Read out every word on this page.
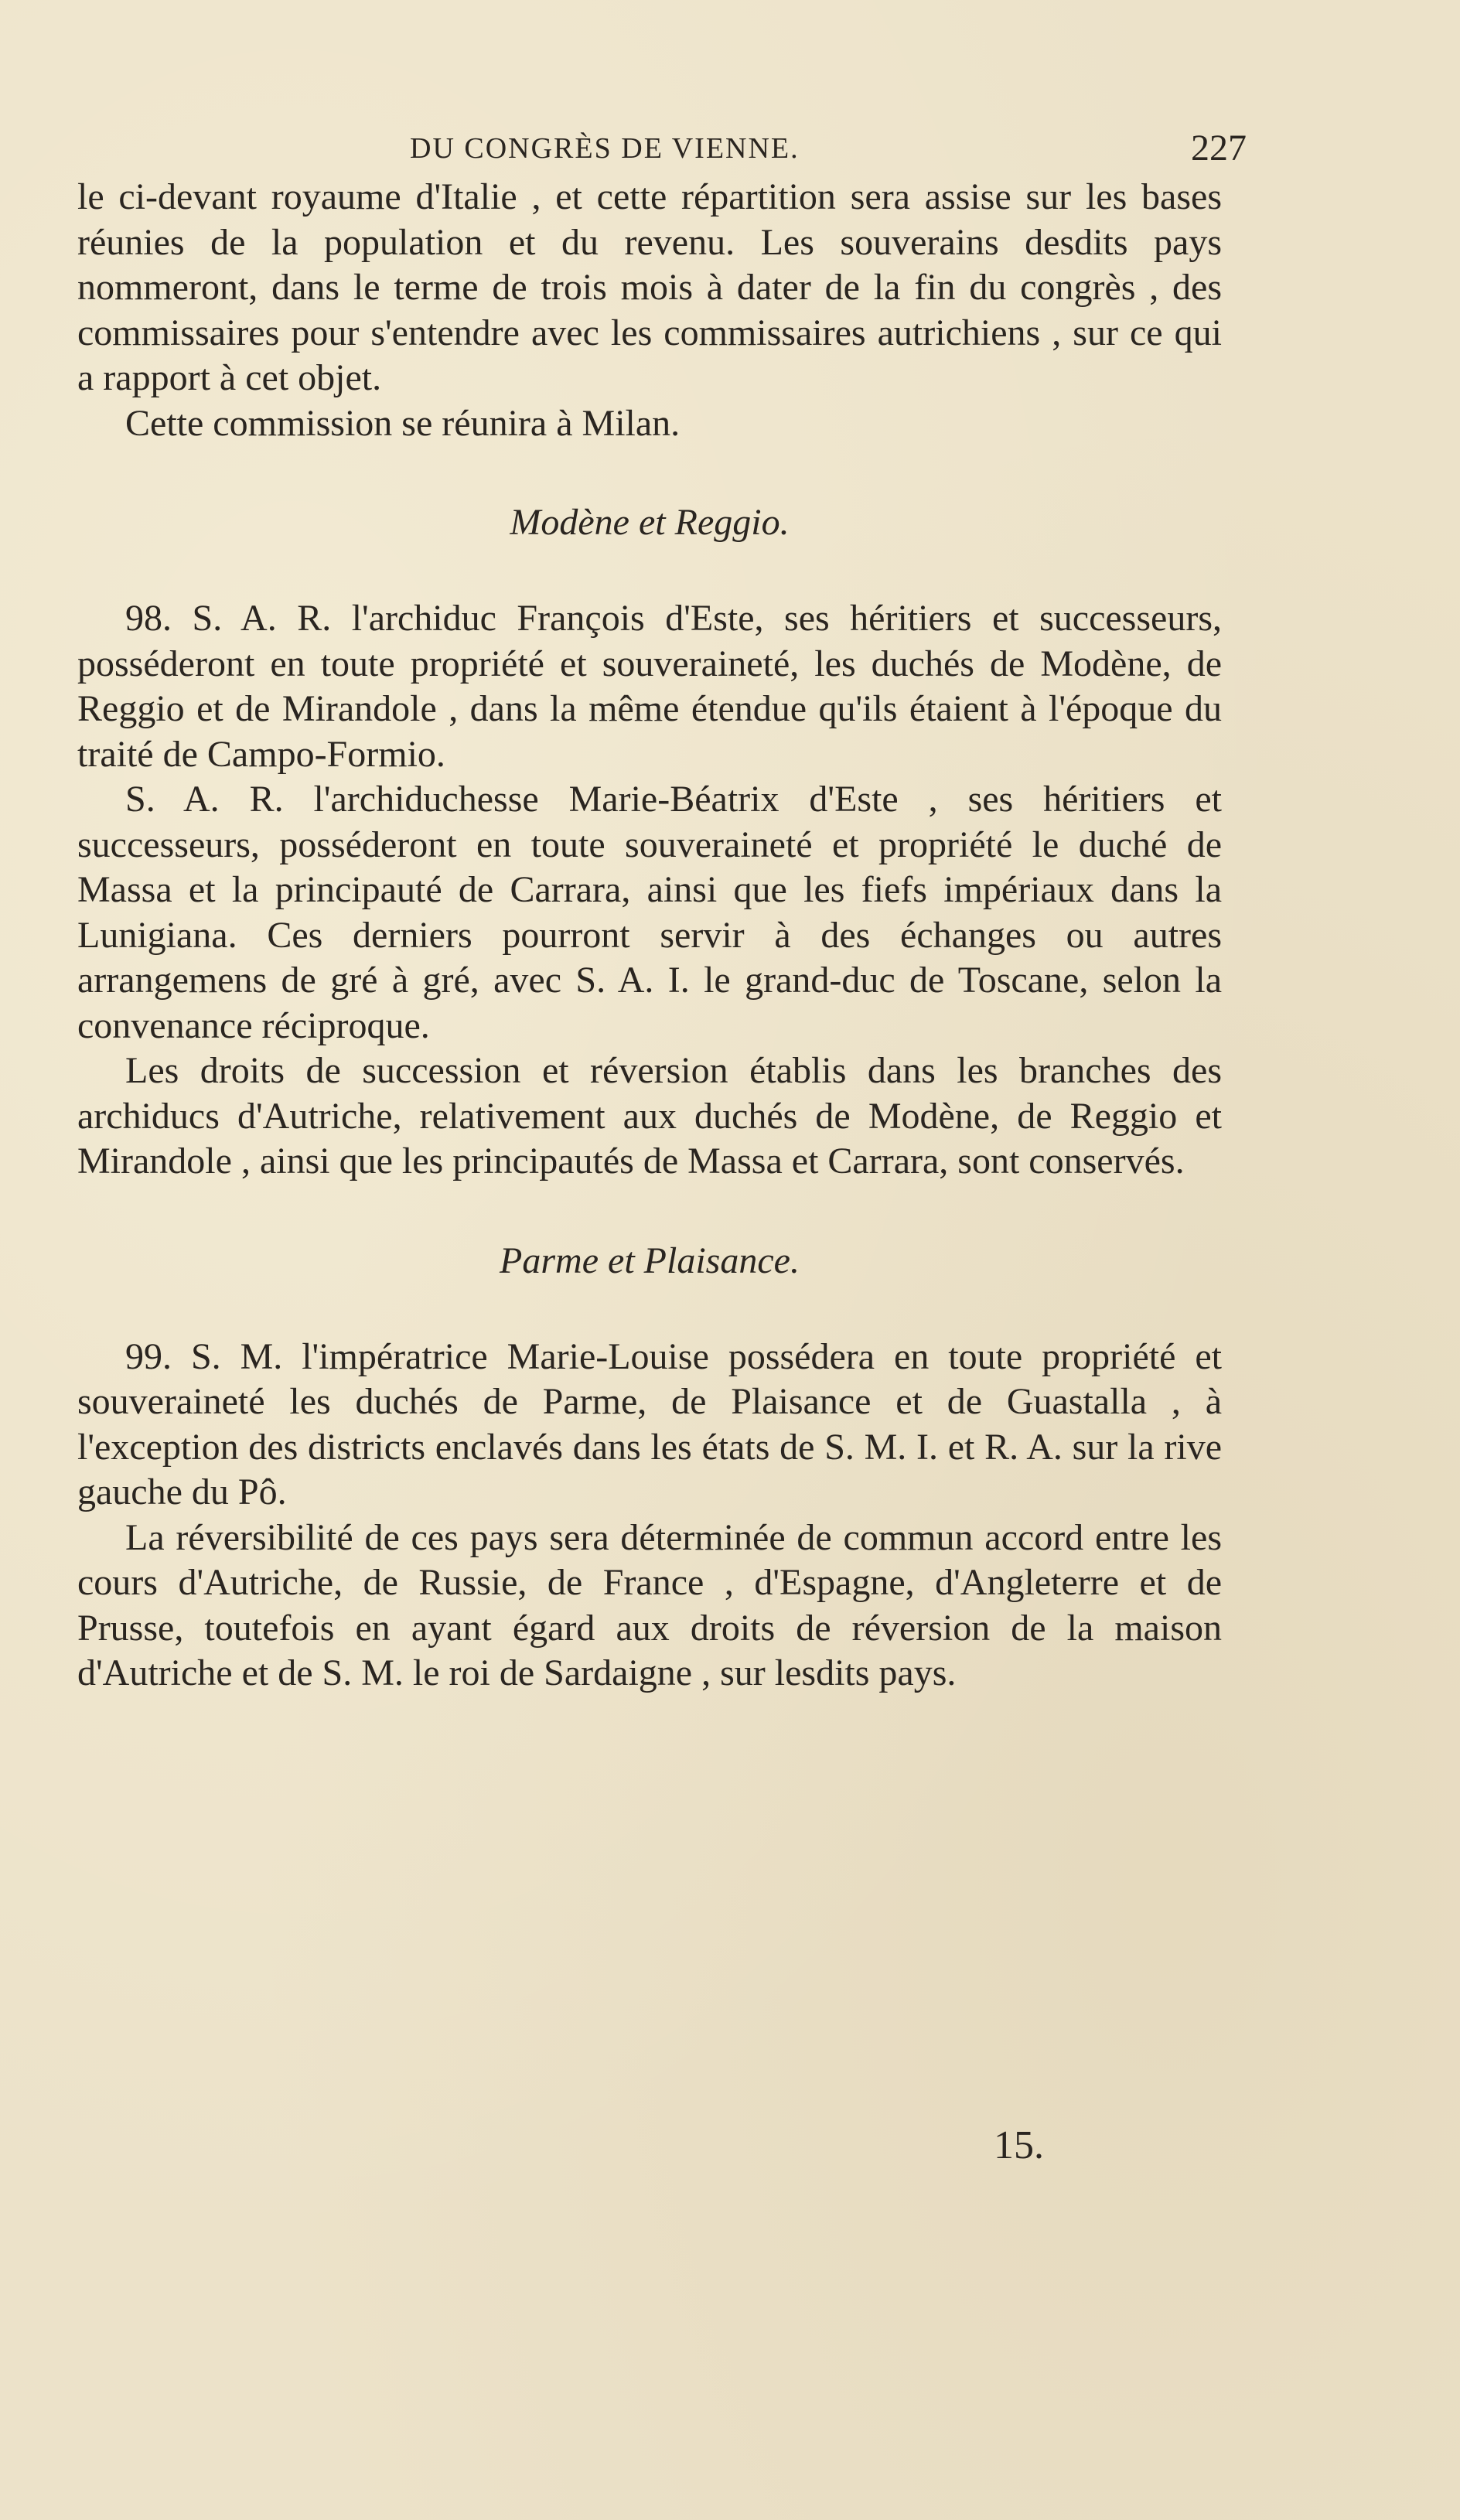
DU CONGRÈS DE VIENNE.	227

le ci-devant royaume d'Italie , et cette répartition sera assise sur les bases réunies de la population et du revenu. Les souverains desdits pays nommeront, dans le terme de trois mois à dater de la fin du congrès , des commissaires pour s'entendre avec les commissaires autrichiens , sur ce qui a rapport à cet objet.

Cette commission se réunira à Milan.

Modène et Reggio.

98. S. A. R. l'archiduc François d'Este, ses héritiers et successeurs, posséderont en toute propriété et souveraineté, les duchés de Modène, de Reggio et de Mirandole , dans la même étendue qu'ils étaient à l'époque du traité de Campo-Formio.

S. A. R. l'archiduchesse Marie-Béatrix d'Este , ses héritiers et successeurs, posséderont en toute souveraineté et propriété le duché de Massa et la principauté de Carrara, ainsi que les fiefs impériaux dans la Lunigiana. Ces derniers pourront servir à des échanges ou autres arrangemens de gré à gré, avec S. A. I. le grand-duc de Toscane, selon la convenance réciproque.

Les droits de succession et réversion établis dans les branches des archiducs d'Autriche, relativement aux duchés de Modène, de Reggio et Mirandole , ainsi que les principautés de Massa et Carrara, sont conservés.

Parme et Plaisance.

99. S. M. l'impératrice Marie-Louise possédera en toute propriété et souveraineté les duchés de Parme, de Plaisance et de Guastalla , à l'exception des districts enclavés dans les états de S. M. I. et R. A. sur la rive gauche du Pô.

La réversibilité de ces pays sera déterminée de commun accord entre les cours d'Autriche, de Russie, de France , d'Espagne, d'Angleterre et de Prusse, toutefois en ayant égard aux droits de réversion de la maison d'Autriche et de S. M. le roi de Sardaigne , sur lesdits pays.

15.
